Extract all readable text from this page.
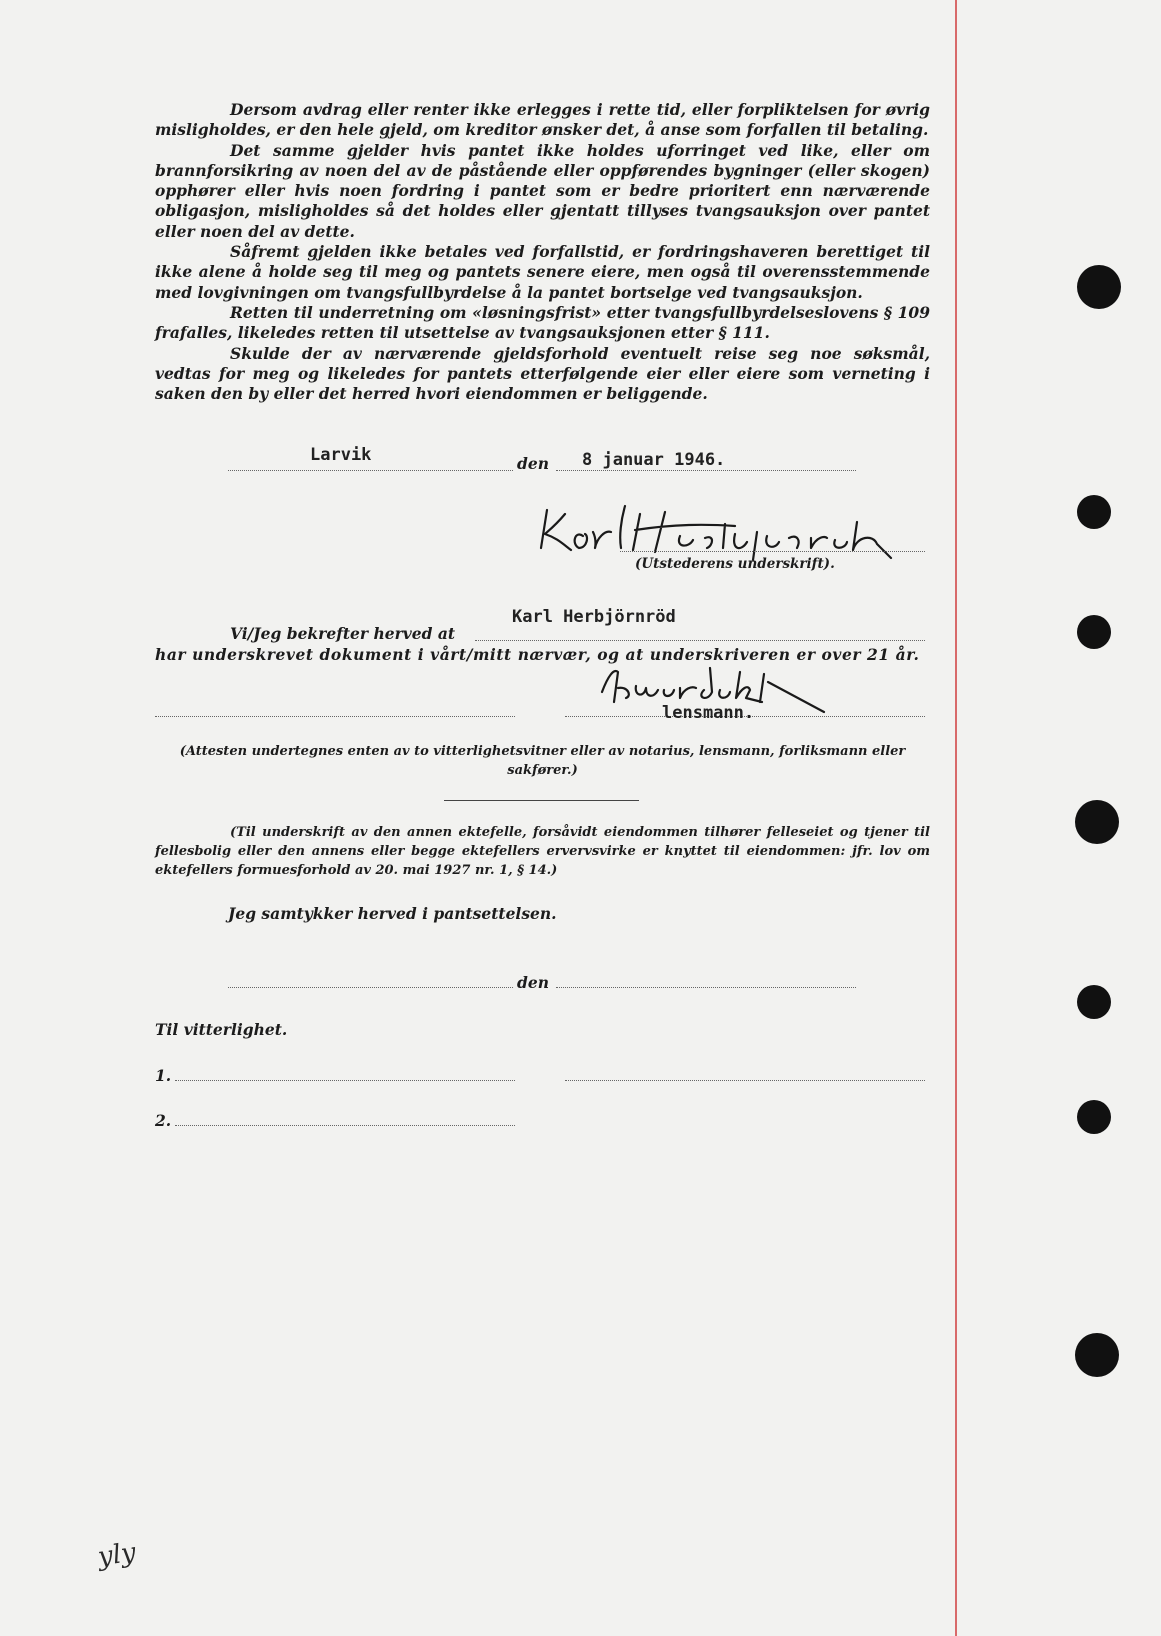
Dersom avdrag eller renter ikke erlegges i rette tid, eller forpliktelsen for øvrig misligholdes, er den hele gjeld, om kreditor ønsker det, å anse som forfallen til betaling.

Det samme gjelder hvis pantet ikke holdes uforringet ved like, eller om brannforsikring av noen del av de påstående eller oppførendes bygninger (eller skogen) opphører eller hvis noen fordring i pantet som er bedre prioritert enn nærværende obligasjon, misligholdes så det holdes eller gjentatt tillyses tvangsauksjon over pantet eller noen del av dette.

Såfremt gjelden ikke betales ved forfallstid, er fordringshaveren berettiget til ikke alene å holde seg til meg og pantets senere eiere, men også til overensstemmende med lovgivningen om tvangsfullbyrdelse å la pantet bortselge ved tvangsauksjon.

Retten til underretning om «løsningsfrist» etter tvangsfullbyrdelseslovens § 109 frafalles, likeledes retten til utsettelse av tvangsauksjonen etter § 111.

Skulde der av nærværende gjeldsforhold eventuelt reise seg noe søksmål, vedtas for meg og likeledes for pantets etterfølgende eier eller eiere som verneting i saken den by eller det herred hvori eiendommen er beliggende.

Larvik	den 8 januar 1946.
(Utstederens underskrift).
Karl Herbjörnröd
Vi/Jeg bekrefter herved at
har underskrevet dokument i vårt/mitt nærvær, og at underskriveren er over 21 år.
lensmann.
(Attesten undertegnes enten av to vitterlighetsvitner eller av notarius, lensmann, forliksmann eller sakfører.)
(Til underskrift av den annen ektefelle, forsåvidt eiendommen tilhører felleseiet og tjener til fellesbolig eller den annens eller begge ektefellers ervervsvirke er knyttet til eiendommen: jfr. lov om ektefellers formuesforhold av 20. mai 1927 nr. 1, § 14.)
Jeg samtykker herved i pantsettelsen.
den
Til vitterlighet.
1.
2.
yly
